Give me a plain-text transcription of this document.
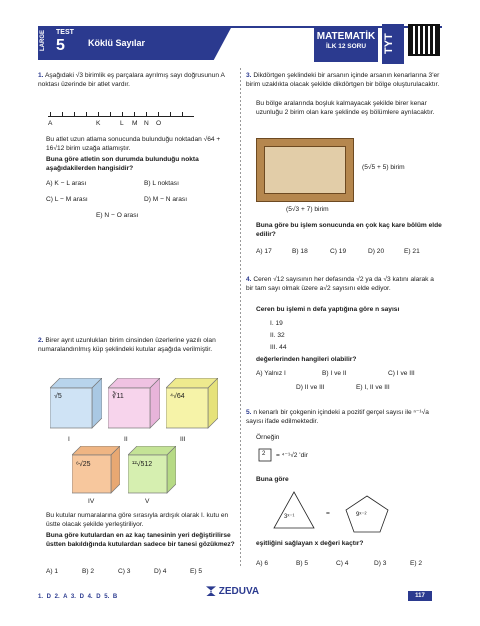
LARGE TEST
5	Köklü Sayılar
MATEMATİK
İLK 12 SORU	TYT
1. Aşağıdaki √3 birimlik eş parçalara ayrılmış sayı doğrusunun A noktası üzerinde bir atlet vardır.
A	K	L M N O
Bu atlet uzun atlama sonucunda bulunduğu noktadan √64 + 16√12 birim uzağa atlamıştır.
Buna göre atletin son durumda bulunduğu nokta aşağıdakilerden hangisidir?
A) K − L arası	B) L noktası
C) L − M arası	D) M − N arası
E) N − O arası
2. Birer ayrıt uzunlukları birim cinsinden üzerlerine yazılı olan numaralandırılmış küp şeklindeki kutular aşağıda verilmiştir.
√5	∛11	⁴√64
I	II	III
⁶√25	¹²√512
IV	V
Bu kutular numaralarına göre sırasıyla ardışık olarak I. kutu en üstte olacak şekilde yerleştiriliyor.
Buna göre kutulardan en az kaç tanesinin yeri değiştirilirse üstten bakıldığında kutulardan sadece bir tanesi gözükmez?
A) 1	B) 2	C) 3	D) 4	E) 5
3. Dikdörtgen şeklindeki bir arsanın içinde arsanın kenarlarına 3'er birim uzaklıkta olacak şekilde dikdörtgen bir bölge oluşturulacaktır.
Bu bölge aralarında boşluk kalmayacak şekilde birer kenar uzunluğu 2 birim olan kare şeklinde eş bölümlere ayrılacaktır.
(5√5 + 5) birim
(5√3 + 7) birim
Buna göre bu işlem sonucunda en çok kaç kare bölüm elde edilir?
A) 17	B) 18	C) 19	D) 20	E) 21
4. Ceren √12 sayısının her defasında √2 ya da √3 katını alarak a bir tam sayı olmak üzere a√2 sayısını elde ediyor.
Ceren bu işlemi n defa yaptığına göre n sayısı
I. 19
II. 32
III. 44
değerlerinden hangileri olabilir?
A) Yalnız I	B) I ve II	C) I ve III
D) II ve III	E) I, II ve III
5. n kenarlı bir çokgenin içindeki a pozitif gerçel sayısı ile ⁿ⁻¹√a sayısı ifade edilmektedir.
Örneğin
2 = ⁴⁻¹√2 'dir
Buna göre
3ˣ⁻¹	=	9ˣ⁻²
eşitliğini sağlayan x değeri kaçtır?
A) 6	B) 5	C) 4	D) 3	E) 2
1. D 2. A 3. D 4. D 5. B	ZEDUVA	117
